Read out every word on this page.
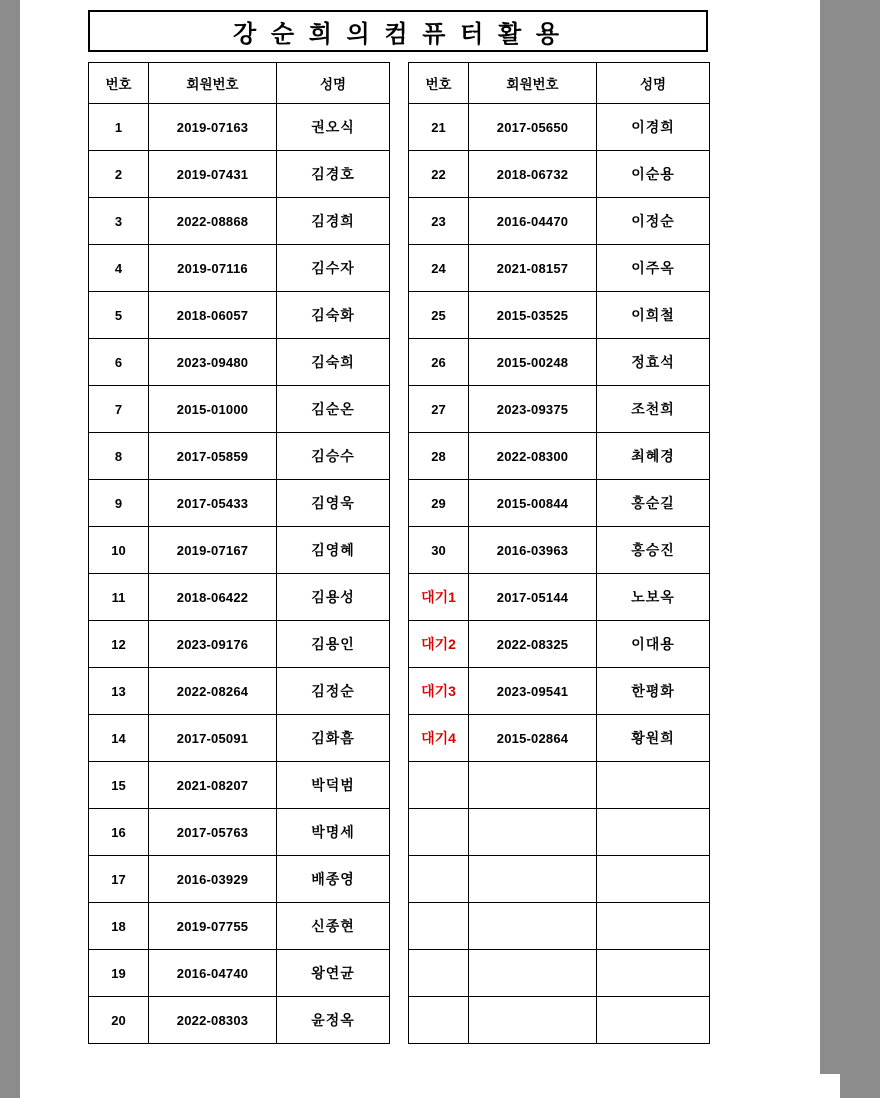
강 순 희 의 컴 퓨 터 활 용
번호	회원번호	성명
1	2019-07163	권오식
2	2019-07431	김경호
3	2022-08868	김경희
4	2019-07116	김수자
5	2018-06057	김숙화
6	2023-09480	김숙희
7	2015-01000	김순온
8	2017-05859	김승수
9	2017-05433	김영욱
10	2019-07167	김영혜
11	2018-06422	김용성
12	2023-09176	김용인
13	2022-08264	김정순
14	2017-05091	김화흠
15	2021-08207	박덕범
16	2017-05763	박명세
17	2016-03929	배종영
18	2019-07755	신종현
19	2016-04740	왕연균
20	2022-08303	윤정옥
번호	회원번호	성명
21	2017-05650	이경희
22	2018-06732	이순용
23	2016-04470	이정순
24	2021-08157	이주옥
25	2015-03525	이희철
26	2015-00248	정효석
27	2023-09375	조천희
28	2022-08300	최혜경
29	2015-00844	홍순길
30	2016-03963	홍승진
대기1	2017-05144	노보옥
대기2	2022-08325	이대용
대기3	2023-09541	한평화
대기4	2015-02864	황원희
